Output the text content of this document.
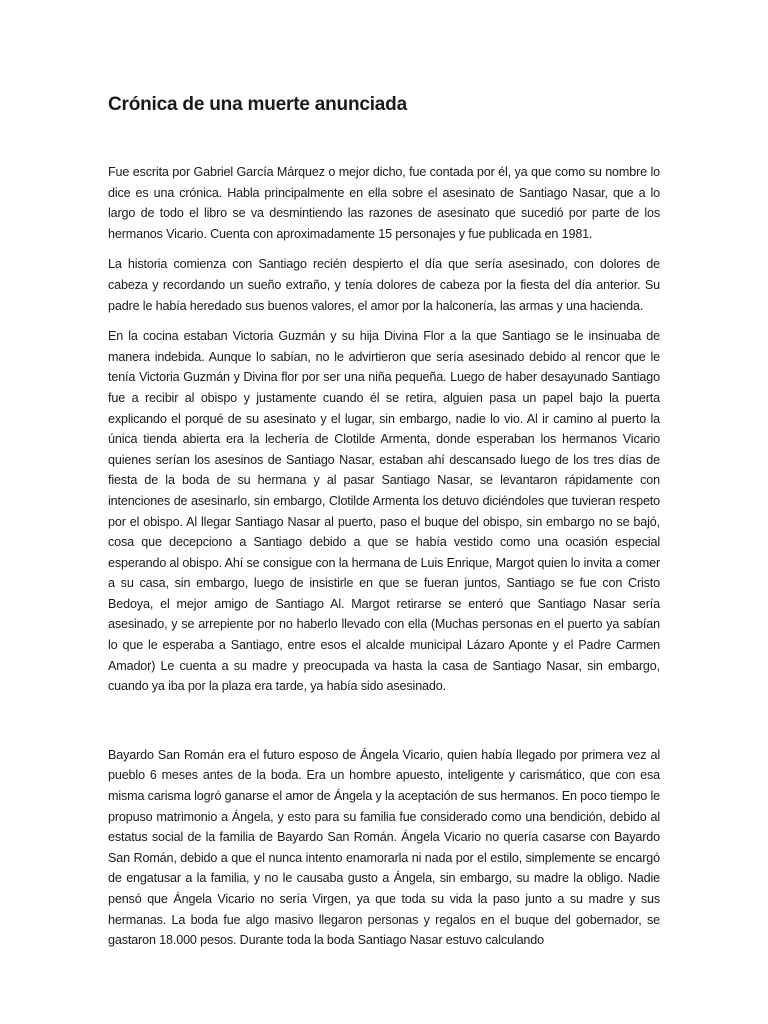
Crónica de una muerte anunciada

Fue escrita por Gabriel García Márquez o mejor dicho, fue contada por él, ya que como su nombre lo dice es una crónica. Habla principalmente en ella sobre el asesinato de Santiago Nasar, que a lo largo de todo el libro se va desmintiendo las razones de asesinato que sucedió por parte de los hermanos Vicario. Cuenta con aproximadamente 15 personajes y fue publicada en 1981.

La historia comienza con Santiago recién despierto el día que sería asesinado, con dolores de cabeza y recordando un sueño extraño, y tenía dolores de cabeza por la fiesta del día anterior. Su padre le había heredado sus buenos valores, el amor por la halconería, las armas y una hacienda.

En la cocina estaban Victoria Guzmán y su hija Divina Flor a la que Santiago se le insinuaba de manera indebida. Aunque lo sabían, no le advirtieron que sería asesinado debido al rencor que le tenía Victoria Guzmán y Divina flor por ser una niña pequeña. Luego de haber desayunado Santiago fue a recibir al obispo y justamente cuando él se retira, alguien pasa un papel bajo la puerta explicando el porqué de su asesinato y el lugar, sin embargo, nadie lo vio. Al ir camino al puerto la única tienda abierta era la lechería de Clotilde Armenta, donde esperaban los hermanos Vicario quienes serían los asesinos de Santiago Nasar, estaban ahí descansado luego de los tres días de fiesta de la boda de su hermana y al pasar Santiago Nasar, se levantaron rápidamente con intenciones de asesinarlo, sin embargo, Clotilde Armenta los detuvo diciéndoles que tuvieran respeto por el obispo. Al llegar Santiago Nasar al puerto, paso el buque del obispo, sin embargo no se bajó, cosa que decepciono a Santiago debido a que se había vestido como una ocasión especial esperando al obispo. Ahí se consigue con la hermana de Luis Enrique, Margot quien lo invita a comer a su casa, sin embargo, luego de insistirle en que se fueran juntos, Santiago se fue con Cristo Bedoya, el mejor amigo de Santiago Al. Margot retirarse se enteró que Santiago Nasar sería asesinado, y se arrepiente por no haberlo llevado con ella (Muchas personas en el puerto ya sabían lo que le esperaba a Santiago, entre esos el alcalde municipal Lázaro Aponte y el Padre Carmen Amador) Le cuenta a su madre y preocupada va hasta la casa de Santiago Nasar, sin embargo, cuando ya iba por la plaza era tarde, ya había sido asesinado.

Bayardo San Román era el futuro esposo de Ángela Vicario, quien había llegado por primera vez al pueblo 6 meses antes de la boda. Era un hombre apuesto, inteligente y carismático, que con esa misma carisma logró ganarse el amor de Ángela y la aceptación de sus hermanos. En poco tiempo le propuso matrimonio a Ángela, y esto para su familia fue considerado como una bendición, debido al estatus social de la familia de Bayardo San Román. Ángela Vicario no quería casarse con Bayardo San Román, debido a que el nunca intento enamorarla ni nada por el estilo, simplemente se encargó de engatusar a la familia, y no le causaba gusto a Ángela, sin embargo, su madre la obligo. Nadie pensó que Ángela Vicario no sería Virgen, ya que toda su vida la paso junto a su madre y sus hermanas. La boda fue algo masivo llegaron personas y regalos en el buque del gobernador, se gastaron 18.000 pesos. Durante toda la boda Santiago Nasar estuvo calculando
